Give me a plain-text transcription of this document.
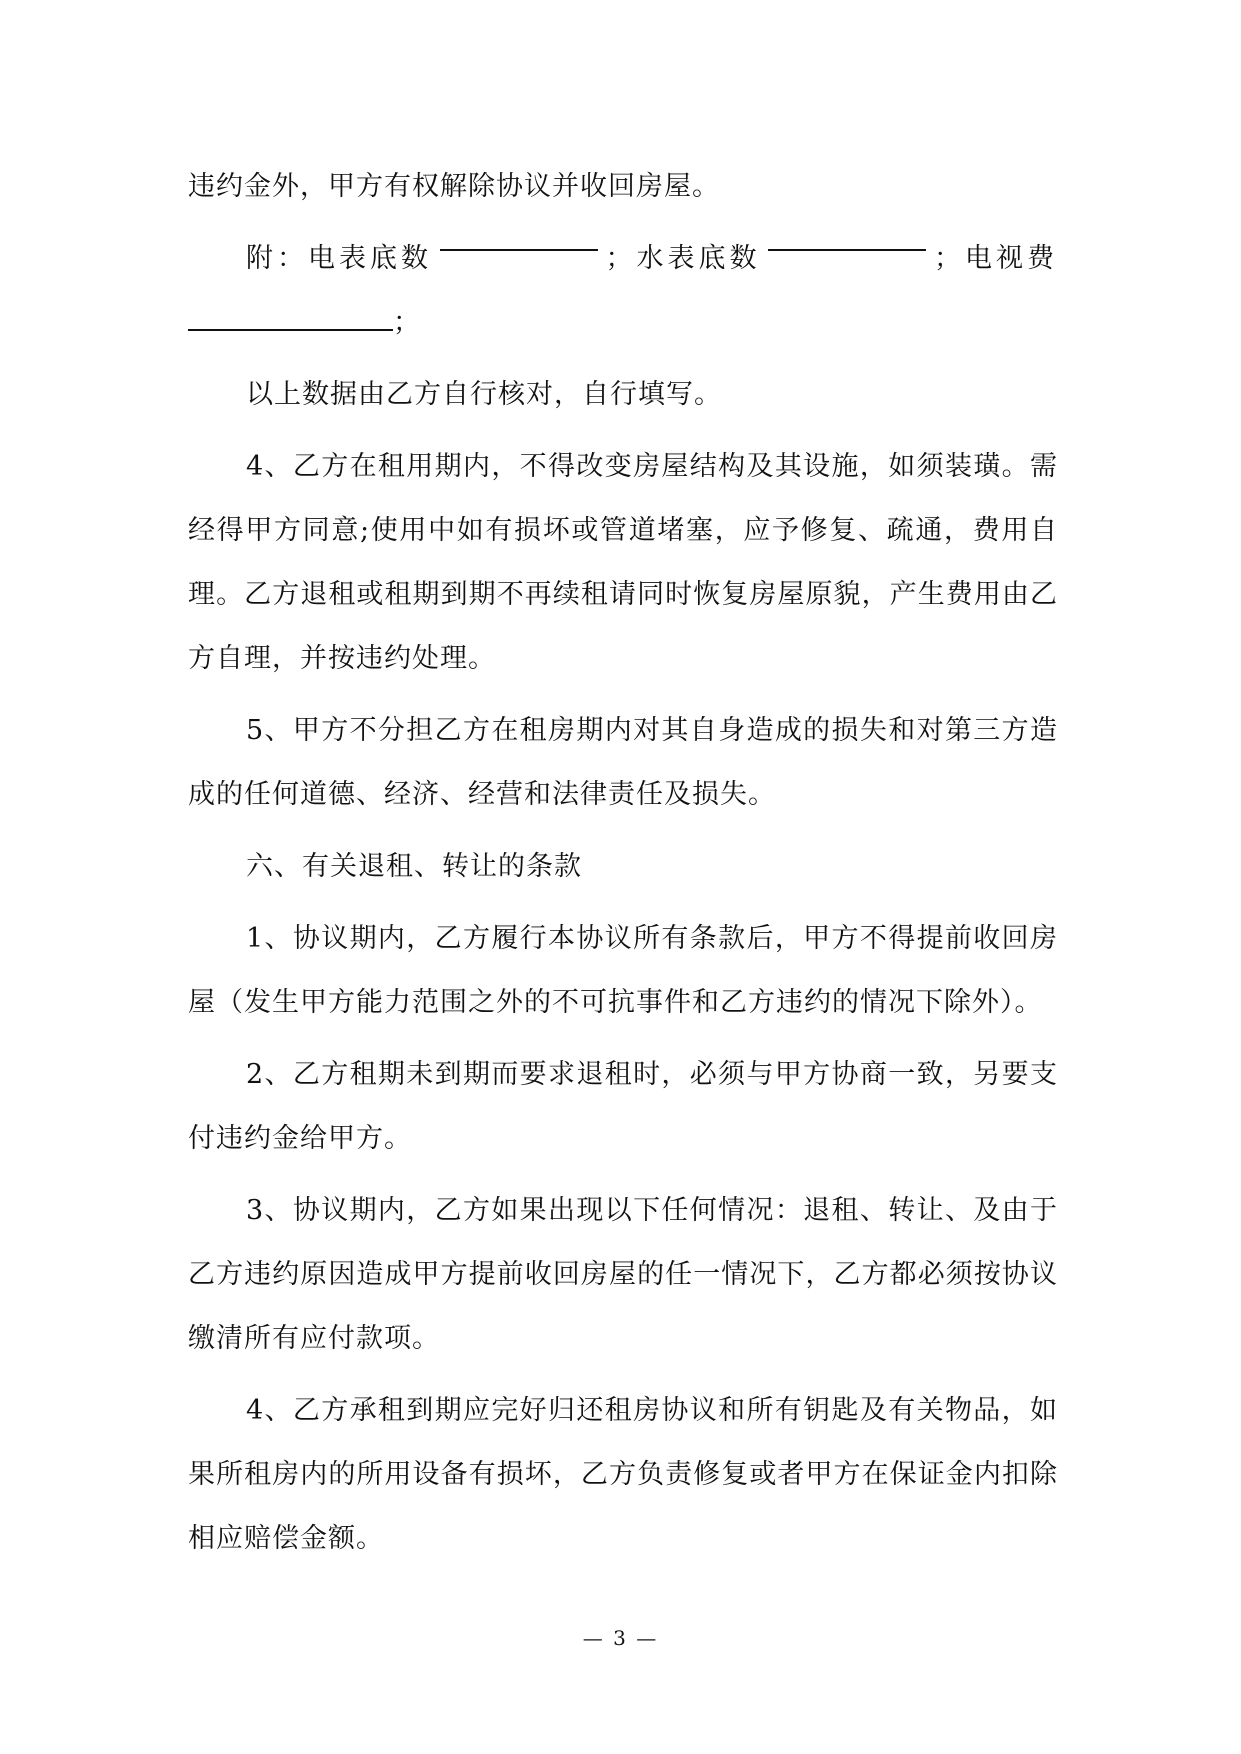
违约金外，甲方有权解除协议并收回房屋。

附：电表底数	；水表底数	；电视费

；

以上数据由乙方自行核对，自行填写。

4、乙方在租用期内，不得改变房屋结构及其设施，如须装璜。需经得甲方同意;使用中如有损坏或管道堵塞，应予修复、疏通，费用自理。乙方退租或租期到期不再续租请同时恢复房屋原貌，产生费用由乙方自理，并按违约处理。

5、甲方不分担乙方在租房期内对其自身造成的损失和对第三方造成的任何道德、经济、经营和法律责任及损失。

六、有关退租、转让的条款

1、协议期内，乙方履行本协议所有条款后，甲方不得提前收回房屋（发生甲方能力范围之外的不可抗事件和乙方违约的情况下除外）。

2、乙方租期未到期而要求退租时，必须与甲方协商一致，另要支付违约金给甲方。

3、协议期内，乙方如果出现以下任何情况：退租、转让、及由于乙方违约原因造成甲方提前收回房屋的任一情况下，乙方都必须按协议缴清所有应付款项。

4、乙方承租到期应完好归还租房协议和所有钥匙及有关物品，如果所租房内的所用设备有损坏，乙方负责修复或者甲方在保证金内扣除相应赔偿金额。

— 3 —
